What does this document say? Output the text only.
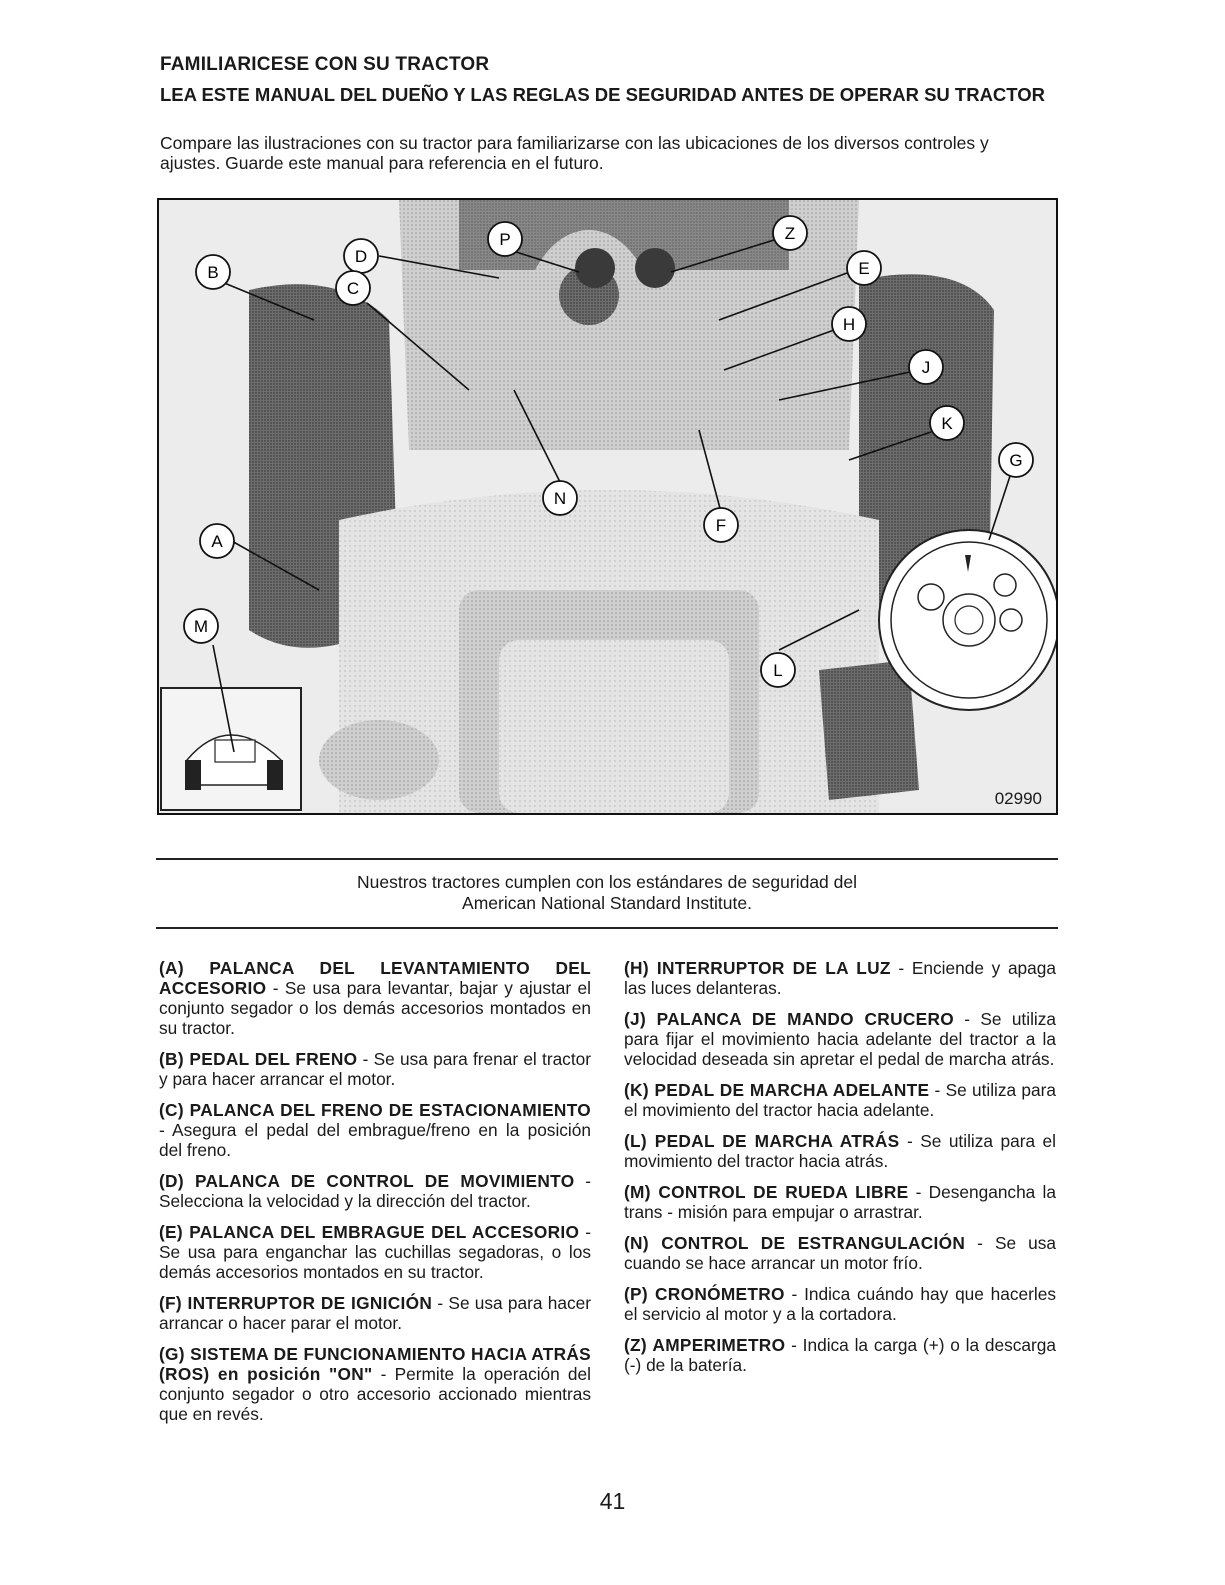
FAMILIARICESE CON SU TRACTOR
LEA ESTE MANUAL DEL DUEÑO Y LAS REGLAS DE SEGURIDAD ANTES DE OPERAR SU TRACTOR
Compare las ilustraciones con su tractor para familiarizarse con las ubicaciones de los diversos controles y ajustes. Guarde este manual para referencia en el futuro.
D
P	Z
E
C
H
B
J
K
G
N
F
A
M
L
02990
Nuestros tractores cumplen con los estándares de seguridad del
American National Standard Institute.

(A) PALANCA DEL LEVANTAMIENTO DEL ACCESORIO - Se usa para levantar, bajar y ajustar el conjunto segador o los demás accesorios montados en su tractor.

(B) PEDAL DEL FRENO - Se usa para frenar el tractor y para hacer arrancar el motor.

(C) PALANCA DEL FRENO DE ESTACIONAMIENTO - Asegura el pedal del embrague/freno en la posición del freno.

(D) PALANCA DE CONTROL DE MOVIMIENTO - Selecciona la velocidad y la dirección del tractor.

(E) PALANCA DEL EMBRAGUE DEL ACCESORIO - Se usa para enganchar las cuchillas segadoras, o los demás accesorios montados en su tractor.

(F) INTERRUPTOR DE IGNICIÓN - Se usa para hacer arrancar o hacer parar el motor.

(G) SISTEMA DE FUNCIONAMIENTO HACIA ATRÁS (ROS) en posición "ON" - Permite la operación del conjunto segador o otro accesorio accionado mientras que en revés.

(H) INTERRUPTOR DE LA LUZ - Enciende y apaga las luces delanteras.

(J) PALANCA DE MANDO CRUCERO - Se utiliza para fijar el movimiento hacia adelante del tractor a la velocidad deseada sin apretar el pedal de marcha atrás.

(K) PEDAL DE MARCHA ADELANTE - Se utiliza para el movimiento del tractor hacia adelante.

(L) PEDAL DE MARCHA ATRÁS - Se utiliza para el movimiento del tractor hacia atrás.

(M) CONTROL DE RUEDA LIBRE - Desengancha la trans - misión para empujar o arrastrar.

(N) CONTROL DE ESTRANGULACIÓN - Se usa cuando se hace arrancar un motor frío.

(P) CRONÓMETRO - Indica cuándo hay que hacerles el servicio al motor y a la cortadora.

(Z) AMPERIMETRO - Indica la carga (+) o la descarga (-) de la batería.

41
